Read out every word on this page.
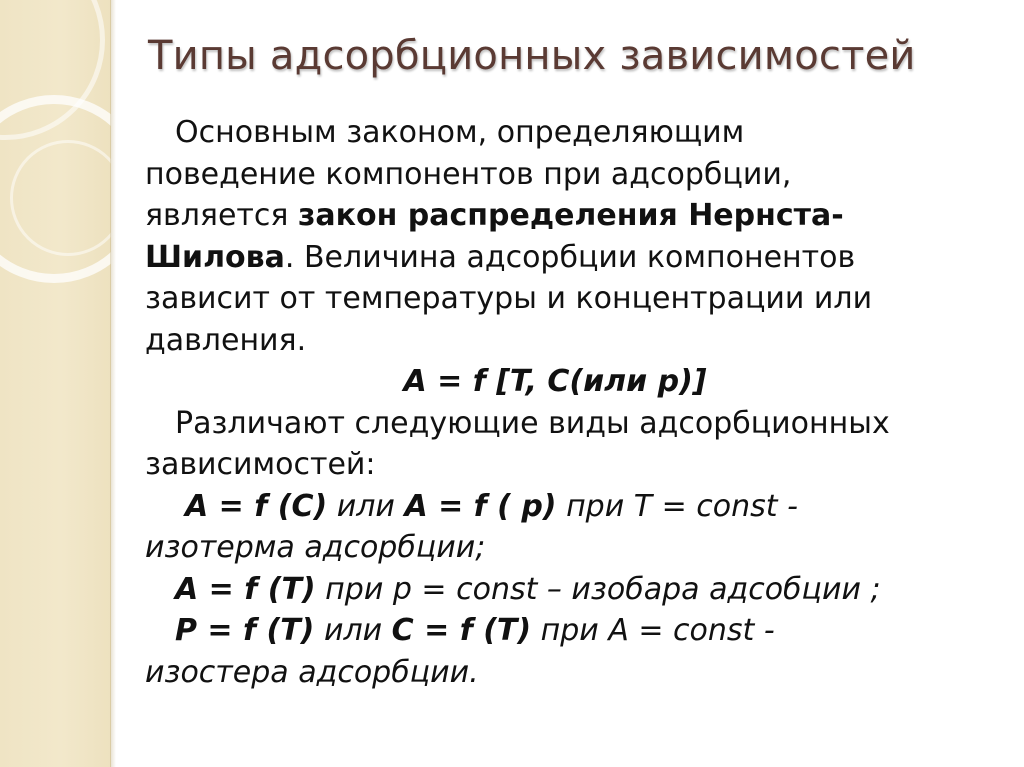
Типы адсорбционных зависимостей
Основным законом, определяющим
поведение компонентов при адсорбции,
является закон распределения Нернста-
Шилова. Величина адсорбции компонентов
зависит от температуры и концентрации или
давления.
A = f [T, C(или p)]
Различают следующие виды адсорбционных
зависимостей:
A = f (C) или A = f ( p) при T = const -
изотерма адсорбции;
A = f (T) при p = const – изобара адсобции ;
P = f (T) или C = f (T) при A = const -
изостера адсорбции.
